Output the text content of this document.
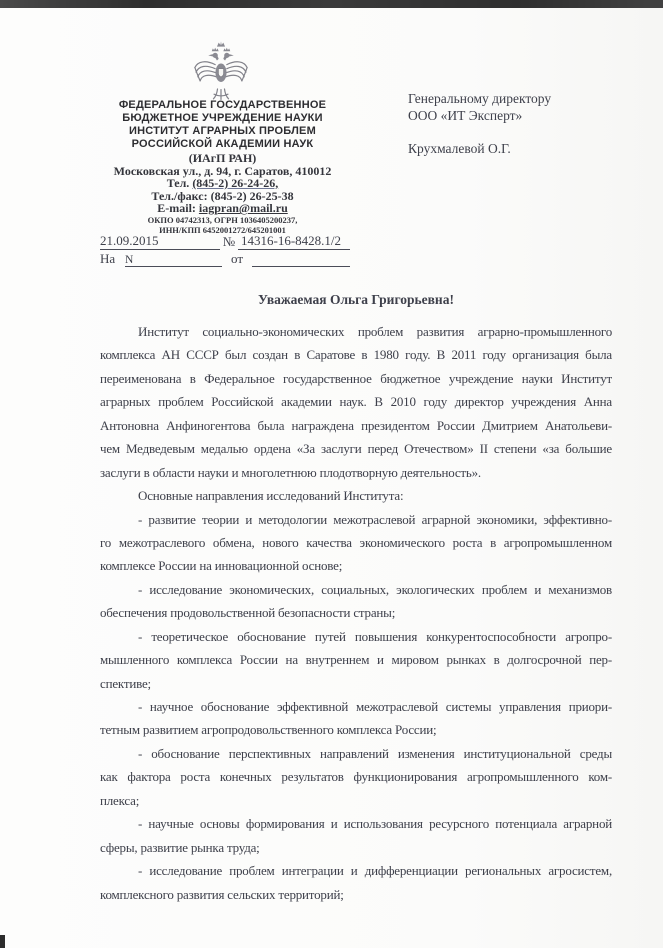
ФЕДЕРАЛЬНОЕ ГОСУДАРСТВЕННОЕ
БЮДЖЕТНОЕ УЧРЕЖДЕНИЕ НАУКИ
ИНСТИТУТ АГРАРНЫХ ПРОБЛЕМ
РОССИЙСКОЙ АКАДЕМИИ НАУК
(ИАгП РАН)
Московская ул., д. 94, г. Саратов, 410012
Тел. (845-2) 26-24-26,
Тел./факс: (845-2) 26-25-38
E-mail: iagpran@mail.ru
ОКПО 04742313, ОГРН 1036405200237,
ИНН/КПП 6452001272/645201001
Генеральному директору
ООО «ИТ Эксперт»
Крухмалевой О.Г.
21.09.2015	№ 14316-16-8428.1/2
На N	от
Уважаемая Ольга Григорьевна!
Институт социально-экономических проблем развития аграрно-промышленного
комплекса АН СССР был создан в Саратове в 1980 году. В 2011 году организация была
переименована в Федеральное государственное бюджетное учреждение науки Институт
аграрных проблем Российской академии наук. В 2010 году директор учреждения Анна
Антоновна Анфиногентова была награждена президентом России Дмитрием Анатольеви-
чем Медведевым медалью ордена «За заслуги перед Отечеством» II степени «за большие
заслуги в области науки и многолетнюю плодотворную деятельность».
Основные направления исследований Института:
- развитие теории и методологии межотраслевой аграрной экономики, эффективно-
го межотраслевого обмена, нового качества экономического роста в агропромышленном
комплексе России на инновационной основе;
- исследование экономических, социальных, экологических проблем и механизмов
обеспечения продовольственной безопасности страны;
- теоретическое обоснование путей повышения конкурентоспособности агропро-
мышленного комплекса России на внутреннем и мировом рынках в долгосрочной пер-
спективе;
- научное обоснование эффективной межотраслевой системы управления приори-
тетным развитием агропродовольственного комплекса России;
- обоснование перспективных направлений изменения институциональной среды
как фактора роста конечных результатов функционирования агропромышленного ком-
плекса;
- научные основы формирования и использования ресурсного потенциала аграрной
сферы, развитие рынка труда;
- исследование проблем интеграции и дифференциации региональных агросистем,
комплексного развития сельских территорий;
